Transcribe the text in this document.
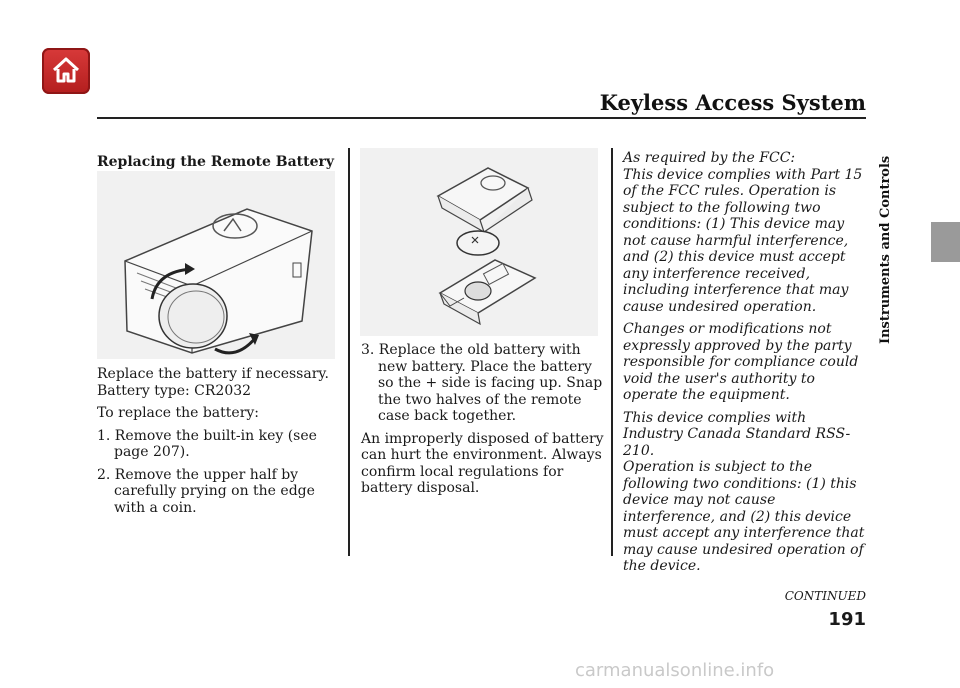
Keyless Access System
Instruments and Controls
Replacing the Remote Battery

Replace the battery if necessary.

Battery type: CR2032

To replace the battery:

1. Remove the built-in key (see page 207).

2. Remove the upper half by carefully prying on the edge with a coin.

3. Replace the old battery with new battery. Place the battery so the + side is facing up. Snap the two halves of the remote case back together.

An improperly disposed of battery can hurt the environment. Always confirm local regulations for battery disposal.

As required by the FCC:

This device complies with Part 15 of the FCC rules. Operation is subject to the following two conditions: (1) This device may not cause harmful interference, and (2) this device must accept any interference received, including interference that may cause undesired operation.

Changes or modifications not expressly approved by the party responsible for compliance could void the user's authority to operate the equipment.

This device complies with Industry Canada Standard RSS-210.

Operation is subject to the following two conditions: (1) this device may not cause interference, and (2) this device must accept any interference that may cause undesired operation of the device.

CONTINUED
191
carmanualsonline.info
